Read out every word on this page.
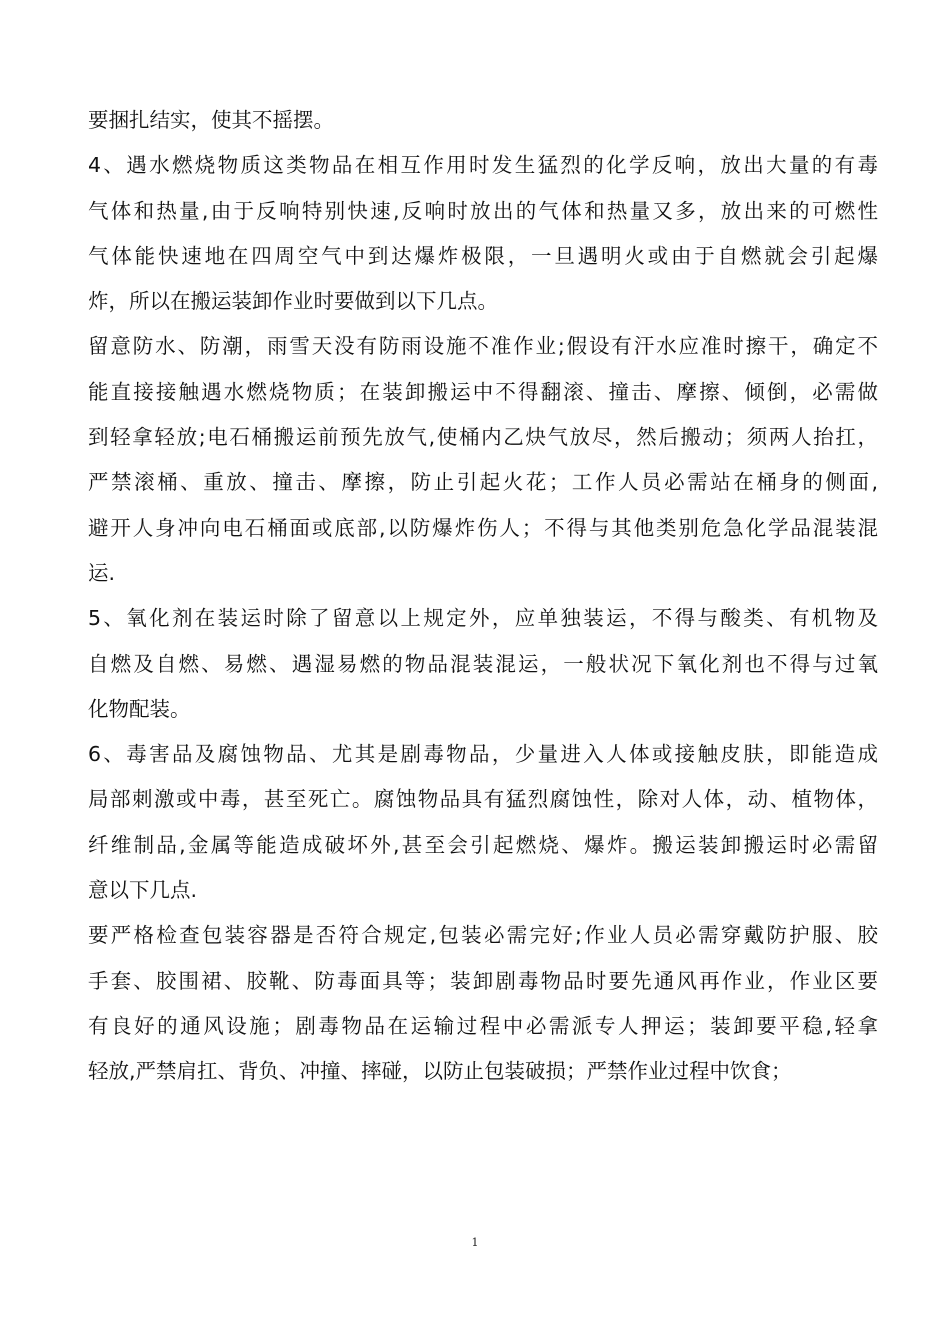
要捆扎结实，使其不摇摆。
4、遇水燃烧物质这类物品在相互作用时发生猛烈的化学反响，放出大量的有毒
气体和热量,由于反响特别快速,反响时放出的气体和热量又多，放出来的可燃性
气体能快速地在四周空气中到达爆炸极限，一旦遇明火或由于自燃就会引起爆
炸，所以在搬运装卸作业时要做到以下几点。
留意防水、防潮，雨雪天没有防雨设施不准作业;假设有汗水应准时擦干，确定不
能直接接触遇水燃烧物质；在装卸搬运中不得翻滚、撞击、摩擦、倾倒，必需做
到轻拿轻放;电石桶搬运前预先放气,使桶内乙炔气放尽，然后搬动；须两人抬扛，
严禁滚桶、重放、撞击、摩擦，防止引起火花；工作人员必需站在桶身的侧面,
避开人身冲向电石桶面或底部,以防爆炸伤人；不得与其他类别危急化学品混装混
运.
5、氧化剂在装运时除了留意以上规定外，应单独装运，不得与酸类、有机物及
自燃及自燃、易燃、遇湿易燃的物品混装混运，一般状况下氧化剂也不得与过氧
化物配装。
6、毒害品及腐蚀物品、尤其是剧毒物品，少量进入人体或接触皮肤，即能造成
局部刺激或中毒，甚至死亡。腐蚀物品具有猛烈腐蚀性，除对人体，动、植物体，
纤维制品,金属等能造成破坏外,甚至会引起燃烧、爆炸。搬运装卸搬运时必需留
意以下几点.
要严格检查包装容器是否符合规定,包装必需完好;作业人员必需穿戴防护服、胶
手套、胶围裙、胶靴、防毒面具等；装卸剧毒物品时要先通风再作业，作业区要
有良好的通风设施；剧毒物品在运输过程中必需派专人押运；装卸要平稳,轻拿
轻放,严禁肩扛、背负、冲撞、摔碰，以防止包装破损；严禁作业过程中饮食；
1
